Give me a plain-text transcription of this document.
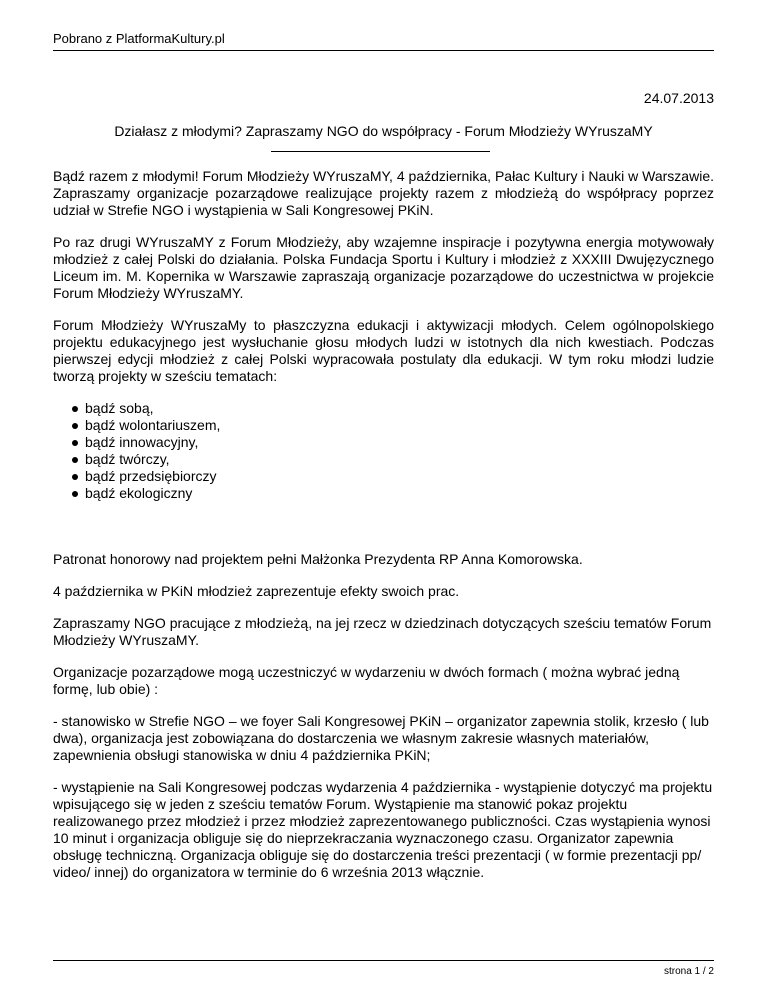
Pobrano z PlatformaKultury.pl
24.07.2013
Działasz z młodymi? Zapraszamy NGO do współpracy - Forum Młodzieży WYruszaMY

Bądź razem z młodymi! Forum Młodzieży WYruszaMY, 4 października, Pałac Kultury i Nauki w Warszawie. Zapraszamy organizacje pozarządowe realizujące projekty razem z młodzieżą do współpracy poprzez udział w Strefie NGO i wystąpienia w Sali Kongresowej PKiN.

Po raz drugi WYruszaMY z Forum Młodzieży, aby wzajemne inspiracje i pozytywna energia motywowały młodzież z całej Polski do działania. Polska Fundacja Sportu i Kultury i młodzież z XXXIII Dwujęzycznego Liceum im. M. Kopernika w Warszawie zapraszają organizacje pozarządowe do uczestnictwa w projekcie Forum Młodzieży WYruszaMY.

Forum Młodzieży WYruszaMy to płaszczyzna edukacji i aktywizacji młodych. Celem ogólnopolskiego projektu edukacyjnego jest wysłuchanie głosu młodych ludzi w istotnych dla nich kwestiach. Podczas pierwszej edycji młodzież z całej Polski wypracowała postulaty dla edukacji. W tym roku młodzi ludzie tworzą projekty w sześciu tematach:

bądź sobą,
bądź wolontariuszem,
bądź innowacyjny,
bądź twórczy,
bądź przedsiębiorczy
bądź ekologiczny

Patronat honorowy nad projektem pełni Małżonka Prezydenta RP Anna Komorowska.

4 października w PKiN młodzież zaprezentuje efekty swoich prac.

Zapraszamy NGO pracujące z młodzieżą, na jej rzecz w dziedzinach dotyczących sześciu tematów Forum Młodzieży WYruszaMY.

Organizacje pozarządowe mogą uczestniczyć w wydarzeniu w dwóch formach ( można wybrać jedną formę, lub obie) :

- stanowisko w Strefie NGO – we foyer Sali Kongresowej PKiN – organizator zapewnia stolik, krzesło ( lub dwa), organizacja jest zobowiązana do dostarczenia we własnym zakresie własnych materiałów, zapewnienia obsługi stanowiska w dniu 4 października PKiN;

- wystąpienie na Sali Kongresowej podczas wydarzenia 4 października - wystąpienie dotyczyć ma projektu wpisującego się w jeden z sześciu tematów Forum. Wystąpienie ma stanowić pokaz projektu realizowanego przez młodzież i przez młodzież zaprezentowanego publiczności. Czas wystąpienia wynosi 10 minut i organizacja obliguje się do nieprzekraczania wyznaczonego czasu. Organizator zapewnia obsługę techniczną. Organizacja obliguje się do dostarczenia treści prezentacji ( w formie prezentacji pp/ video/ innej) do organizatora w terminie do 6 września 2013 włącznie.

strona 1 / 2
